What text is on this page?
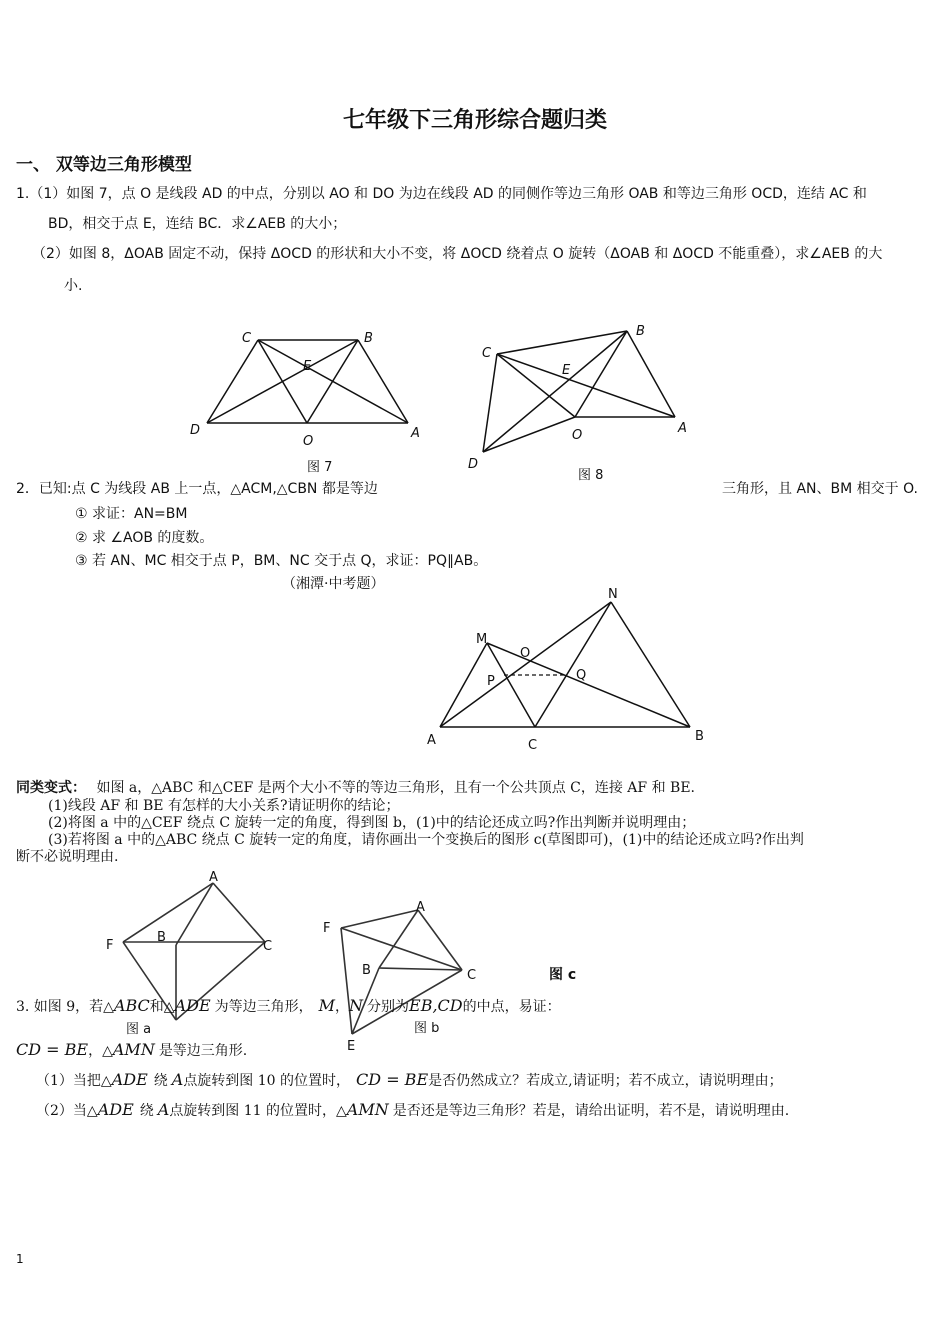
七年级下三角形综合题归类
一、 双等边三角形模型
1.（1）如图 7，点 O 是线段 AD 的中点，分别以 AO 和 DO 为边在线段 AD 的同侧作等边三角形 OAB 和等边三角形 OCD，连结 AC 和
BD，相交于点 E，连结 BC．求∠AEB 的大小；
（2）如图 8，ΔOAB 固定不动，保持 ΔOCD 的形状和大小不变，将 ΔOCD 绕着点 O 旋转（ΔOAB 和 ΔOCD 不能重叠），求∠AEB 的大
小.
C	B
E
D
O
A
图 7
B
C
E
O	A
D
图 8
N
M
O
P	Q
A	C
B
A
F
B
C
图 a
F
A
B	C
E
图 b
图 c
2．已知:点 C 为线段 AB 上一点，△ACM,△CBN 都是等边	三角形，且 AN、BM 相交于 O.
① 求证：AN=BM
② 求 ∠AOB 的度数。
③ 若 AN、MC 相交于点 P，BM、NC 交于点 Q，求证：PQ∥AB。
（湘潭·中考题）
同类变式： 如图 a，△ABC 和△CEF 是两个大小不等的等边三角形，且有一个公共顶点 C，连接 AF 和 BE.
(1)线段 AF 和 BE 有怎样的大小关系?请证明你的结论；
(2)将图 a 中的△CEF 绕点 C 旋转一定的角度，得到图 b，(1)中的结论还成立吗?作出判断并说明理由；
(3)若将图 a 中的△ABC 绕点 C 旋转一定的角度，请你画出一个变换后的图形 c(草图即可)，(1)中的结论还成立吗?作出判
断不必说明理由.
3. 如图 9，若△ABC和△ADE 为等边三角形， M，N 分别为EB,CD的中点，易证：
CD = BE，△AMN 是等边三角形.
（1）当把△ADE 绕 A点旋转到图 10 的位置时， CD = BE是否仍然成立？若成立,请证明；若不成立，请说明理由；
（2）当△ADE 绕 A点旋转到图 11 的位置时，△AMN 是否还是等边三角形？若是，请给出证明，若不是，请说明理由.
1
